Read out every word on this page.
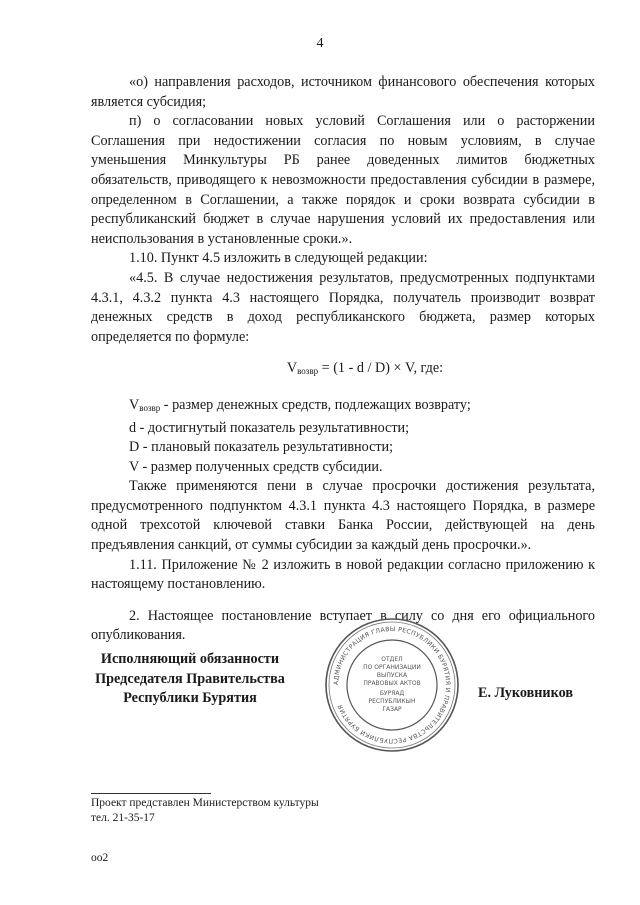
4

«о) направления расходов, источником финансового обеспечения которых является субсидия;

п) о согласовании новых условий Соглашения или о расторжении Соглашения при недостижении согласия по новым условиям, в случае уменьшения Минкультуры РБ ранее доведенных лимитов бюджетных обязательств, приводящего к невозможности предоставления субсидии в размере, определенном в Соглашении, а также порядок и сроки возврата субсидии в республиканский бюджет в случае нарушения условий их предоставления или неиспользования в установленные сроки.».

1.10. Пункт 4.5 изложить в следующей редакции:

«4.5. В случае недостижения результатов, предусмотренных подпунктами 4.3.1, 4.3.2 пункта 4.3 настоящего Порядка, получатель производит возврат денежных средств в доход республиканского бюджета, размер которых определяется по формуле:

$V_{возвр} = (1 - d / D) \times V$, где:

$V_{возвр}$ - размер денежных средств, подлежащих возврату;

d - достигнутый показатель результативности;

D - плановый показатель результативности;

V - размер полученных средств субсидии.

Также применяются пени в случае просрочки достижения результата, предусмотренного подпунктом 4.3.1 пункта 4.3 настоящего Порядка, в размере одной трехсотой ключевой ставки Банка России, действующей на день предъявления санкций, от суммы субсидии за каждый день просрочки.».

1.11. Приложение № 2 изложить в новой редакции согласно приложению к настоящему постановлению.

2. Настоящее постановление вступает в силу со дня его официального опубликования.

Исполняющий обязанности
Председателя Правительства
Республики Бурятия
АДМИНИСТРАЦИЯ ГЛАВЫ РЕСПУБЛИКИ БУРЯТИЯ И ПРАВИТЕЛЬСТВА РЕСПУБЛИКИ БУРЯТИЯ
ОТДЕЛ
ПО ОРГАНИЗАЦИИ
ВЫПУСКА
ПРАВОВЫХ АКТОВ
БУРЯАД
РЕСПУБЛИКЫН
ГАЗАР
Е. Луковников
Проект представлен Министерством культуры
тел. 21-35-17
оо2
